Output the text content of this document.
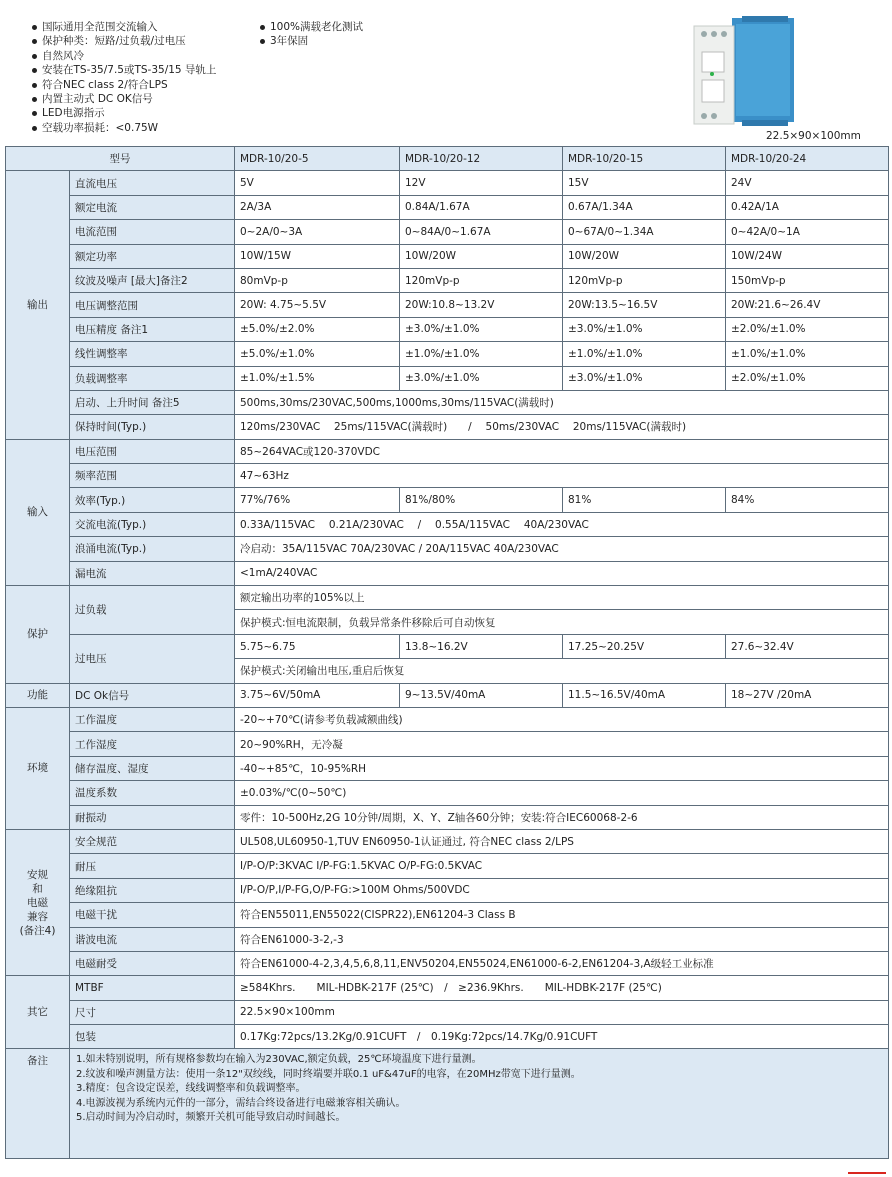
国际通用全范围交流输入
保护种类：短路/过负载/过电压
自然风冷
安装在TS-35/7.5或TS-35/15 导轨上
符合NEC class 2/符合LPS
内置主动式 DC OK信号
LED电源指示
空载功率损耗：<0.75W
100%满载老化测试
3年保固
22.5×90×100mm
型号		MDR-10/20-5	MDR-10/20-12	MDR-10/20-15	MDR-10/20-24
输出	直流电压	5V	12V	15V	24V
	额定电流	2A/3A	0.84A/1.67A	0.67A/1.34A	0.42A/1A
	电流范围	0~2A/0~3A	0~84A/0~1.67A	0~67A/0~1.34A	0~42A/0~1A
	额定功率	10W/15W	10W/20W	10W/20W	10W/24W
	纹波及噪声 [最大]备注2	80mVp-p	120mVp-p	120mVp-p	150mVp-p
	电压调整范围	20W: 4.75~5.5V	20W:10.8~13.2V	20W:13.5~16.5V	20W:21.6~26.4V
	电压精度 备注1	±5.0%/±2.0%	±3.0%/±1.0%	±3.0%/±1.0%	±2.0%/±1.0%
	线性调整率	±5.0%/±1.0%	±1.0%/±1.0%	±1.0%/±1.0%	±1.0%/±1.0%
	负载调整率	±1.0%/±1.5%	±3.0%/±1.0%	±3.0%/±1.0%	±2.0%/±1.0%
	启动、上升时间 备注5	500ms,30ms/230VAC,500ms,1000ms,30ms/115VAC(满载时)			
	保持时间(Typ.)	120ms/230VAC　 25ms/115VAC(满载时)　　/　 50ms/230VAC　 20ms/115VAC(满载时)			
输入	电压范围	85~264VAC或120-370VDC			
	频率范围	47~63Hz			
	效率(Typ.)	77%/76%	81%/80%	81%	84%
	交流电流(Typ.)	0.33A/115VAC　 0.21A/230VAC　 /　 0.55A/115VAC　 40A/230VAC			
	浪涌电流(Typ.)	冷启动：35A/115VAC 70A/230VAC / 20A/115VAC 40A/230VAC			
	漏电流	<1mA/240VAC			
保护	过负载	额定输出功率的105%以上			
		保护模式:恒电流限制，负载异常条件移除后可自动恢复			
	过电压	5.75~6.75	13.8~16.2V	17.25~20.25V	27.6~32.4V
		保护模式:关闭输出电压,重启后恢复			
功能	DC Ok信号	3.75~6V/50mA	9~13.5V/40mA	11.5~16.5V/40mA	18~27V /20mA
环境	工作温度	-20~+70℃(请参考负载减额曲线)			
	工作湿度	20~90%RH，无冷凝			
	储存温度、湿度	-40~+85℃，10-95%RH			
	温度系数	±0.03%/℃(0~50℃)			
	耐振动	零件：10-500Hz,2G 10分钟/周期，X、Y、Z轴各60分钟；安装:符合IEC60068-2-6			

安规
和
电磁
兼容
(备注4)	安全规范	UL508,UL60950-1,TUV EN60950-1认证通过, 符合NEC class 2/LPS			
	耐压	I/P-O/P:3KVAC I/P-FG:1.5KVAC O/P-FG:0.5KVAC			
	绝缘阻抗	I/P-O/P,I/P-FG,O/P-FG:>100M Ohms/500VDC			
	电磁干扰	符合EN55011,EN55022(CISPR22),EN61204-3 Class B			
	谐波电流	符合EN61000-3-2,-3			
	电磁耐受	符合EN61000-4-2,3,4,5,6,8,11,ENV50204,EN55024,EN61000-6-2,EN61204-3,A级轻工业标准			
其它	MTBF	≥584Khrs.　　MIL-HDBK-217F (25℃)　/　≥236.9Khrs.　　MIL-HDBK-217F (25℃)			
	尺寸	22.5×90×100mm			
	包装	0.17Kg:72pcs/13.2Kg/0.91CUFT　/　0.19Kg:72pcs/14.7Kg/0.91CUFT			
备注	1.如未特别说明，所有规格参数均在输入为230VAC,额定负载，25℃环境温度下进行量测。
2.纹波和噪声测量方法：使用一条12"双绞线，同时终端要并联0.1 uF&47uF的电容，在20MHz带宽下进行量测。
3.精度：包含设定误差，线线调整率和负载调整率。
4.电源波视为系统内元件的一部分，需结合终设备进行电磁兼容相关确认。
5.启动时间为冷启动时，频繁开关机可能导致启动时间越长。				
